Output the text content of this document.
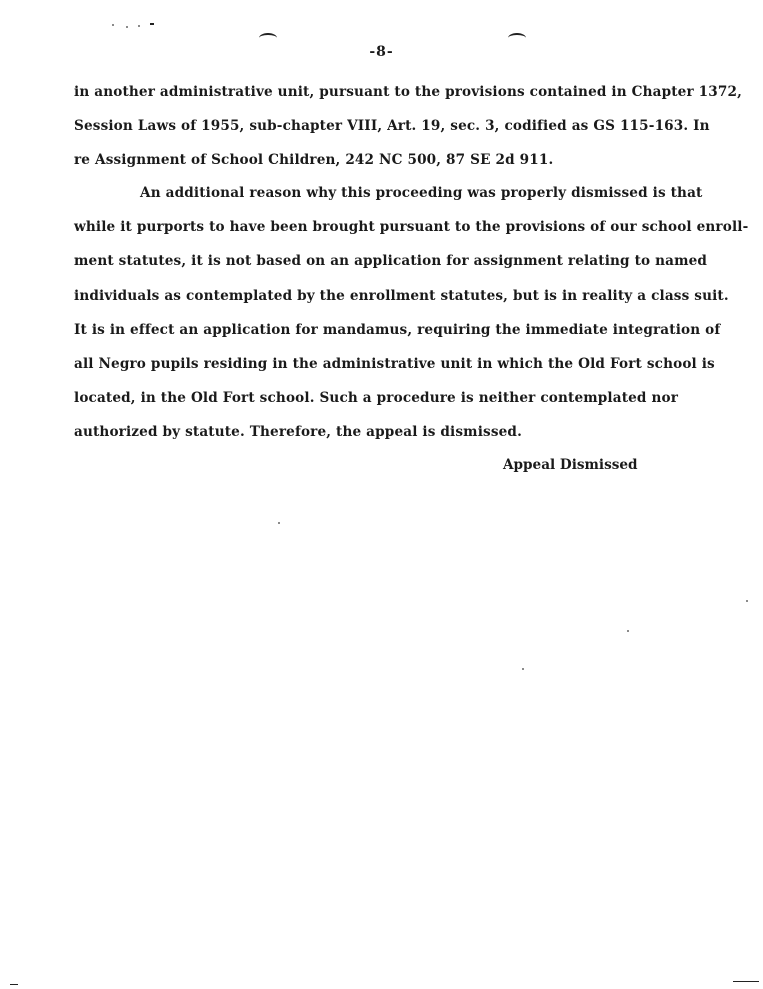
-8-
in another administrative unit, pursuant to the provisions contained in Chapter 1372,
Session Laws of 1955, sub-chapter VIII, Art. 19, sec. 3, codified as GS 115-163. In
re Assignment of School Children, 242 NC 500, 87 SE 2d 911.
An additional reason why this proceeding was properly dismissed is that
while it purports to have been brought pursuant to the provisions of our school enroll-
ment statutes, it is not based on an application for assignment relating to named
individuals as contemplated by the enrollment statutes, but is in reality a class suit.
It is in effect an application for mandamus, requiring the immediate integration of
all Negro pupils residing in the administrative unit in which the Old Fort school is
located, in the Old Fort school. Such a procedure is neither contemplated nor
authorized by statute. Therefore, the appeal is dismissed.
Appeal Dismissed
